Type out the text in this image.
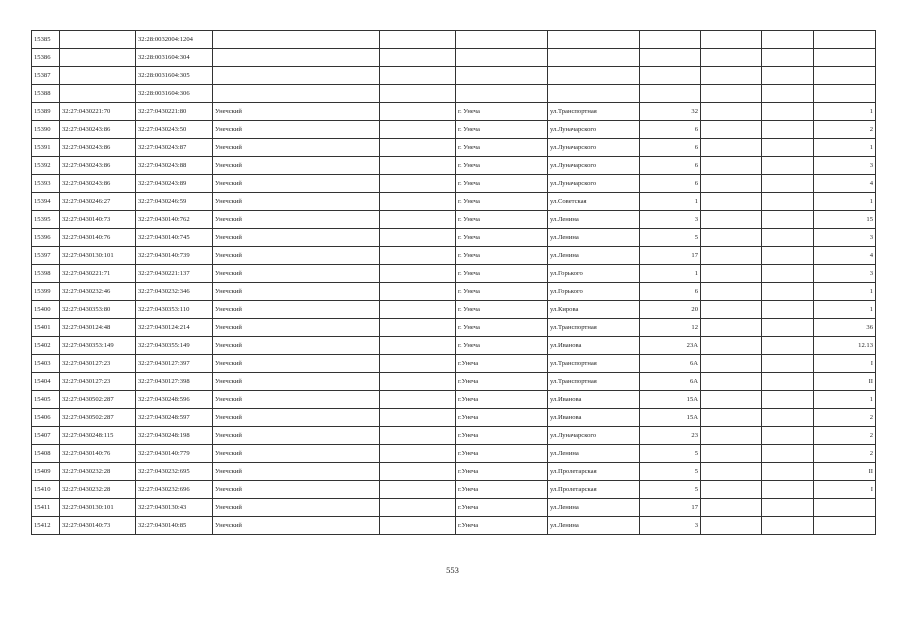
15385		32:28:0032004:1204								
15386		32:28:0031604:304								
15387		32:28:0031604:305								
15388		32:28:0031604:306								
15389	32:27:0430221:70	32:27:0430221:80	Унечский		г. Унеча	ул.Транспортная	32			1
15390	32:27:0430243:86	32:27:0430243:50	Унечский		г. Унеча	ул.Луначарского	6			2
15391	32:27:0430243:86	32:27:0430243:87	Унечский		г. Унеча	ул.Луначарского	6			1
15392	32:27:0430243:86	32:27:0430243:88	Унечский		г. Унеча	ул.Луначарского	6			3
15393	32:27:0430243:86	32:27:0430243:89	Унечский		г. Унеча	ул.Луначарского	6			4
15394	32:27:0430246:27	32:27:0430246:59	Унечский		г. Унеча	ул.Советская	1			1
15395	32:27:0430140:73	32:27:0430140:762	Унечский		г. Унеча	ул.Ленина	3			15
15396	32:27:0430140:76	32:27:0430140:745	Унечский		г. Унеча	ул.Ленина	5			3
15397	32:27:0430130:101	32:27:0430140:739	Унечский		г. Унеча	ул.Ленина	17			4
15398	32:27:0430221:71	32:27:0430221:137	Унечский		г. Унеча	ул.Горького	1			3
15399	32:27:0430232:46	32:27:0430232:346	Унечский		г. Унеча	ул.Горького	6			1
15400	32:27:0430353:80	32:27:0430353:110	Унечский		г. Унеча	ул.Кирова	20			1
15401	32:27:0430124:48	32:27:0430124:214	Унечский		г. Унеча	ул.Транспортная	12			36
15402	32:27:0430353:149	32:27:0430355:149	Унечский		г. Унеча	ул.Иванова	23А			12.13
15403	32:27:0430127:23	32:27:0430127:397	Унечский		г.Унеча	ул.Транспортная	6А			I
15404	32:27:0430127:23	32:27:0430127:398	Унечский		г.Унеча	ул.Транспортная	6А			II
15405	32:27:0430502:287	32:27:0430248:596	Унечский		г.Унеча	ул.Иванова	15А			1
15406	32:27:0430502:287	32:27:0430248:597	Унечский		г.Унеча	ул.Иванова	15А			2
15407	32:27:0430248:115	32:27:0430248:198	Унечский		г.Унеча	ул.Луначарского	23			2
15408	32:27:0430140:76	32:27:0430140:779	Унечский		г.Унеча	ул.Ленина	5			2
15409	32:27:0430232:28	32:27:0430232:695	Унечский		г.Унеча	ул.Пролетарская	5			II
15410	32:27:0430232:28	32:27:0430232:696	Унечский		г.Унеча	ул.Пролетарская	5			I
15411	32:27:0430130:101	32:27:0430130:43	Унечский		г.Унеча	ул.Ленина	17			
15412	32:27:0430140:73	32:27:0430140:85	Унечский		г.Унеча	ул.Ленина	3			
553
